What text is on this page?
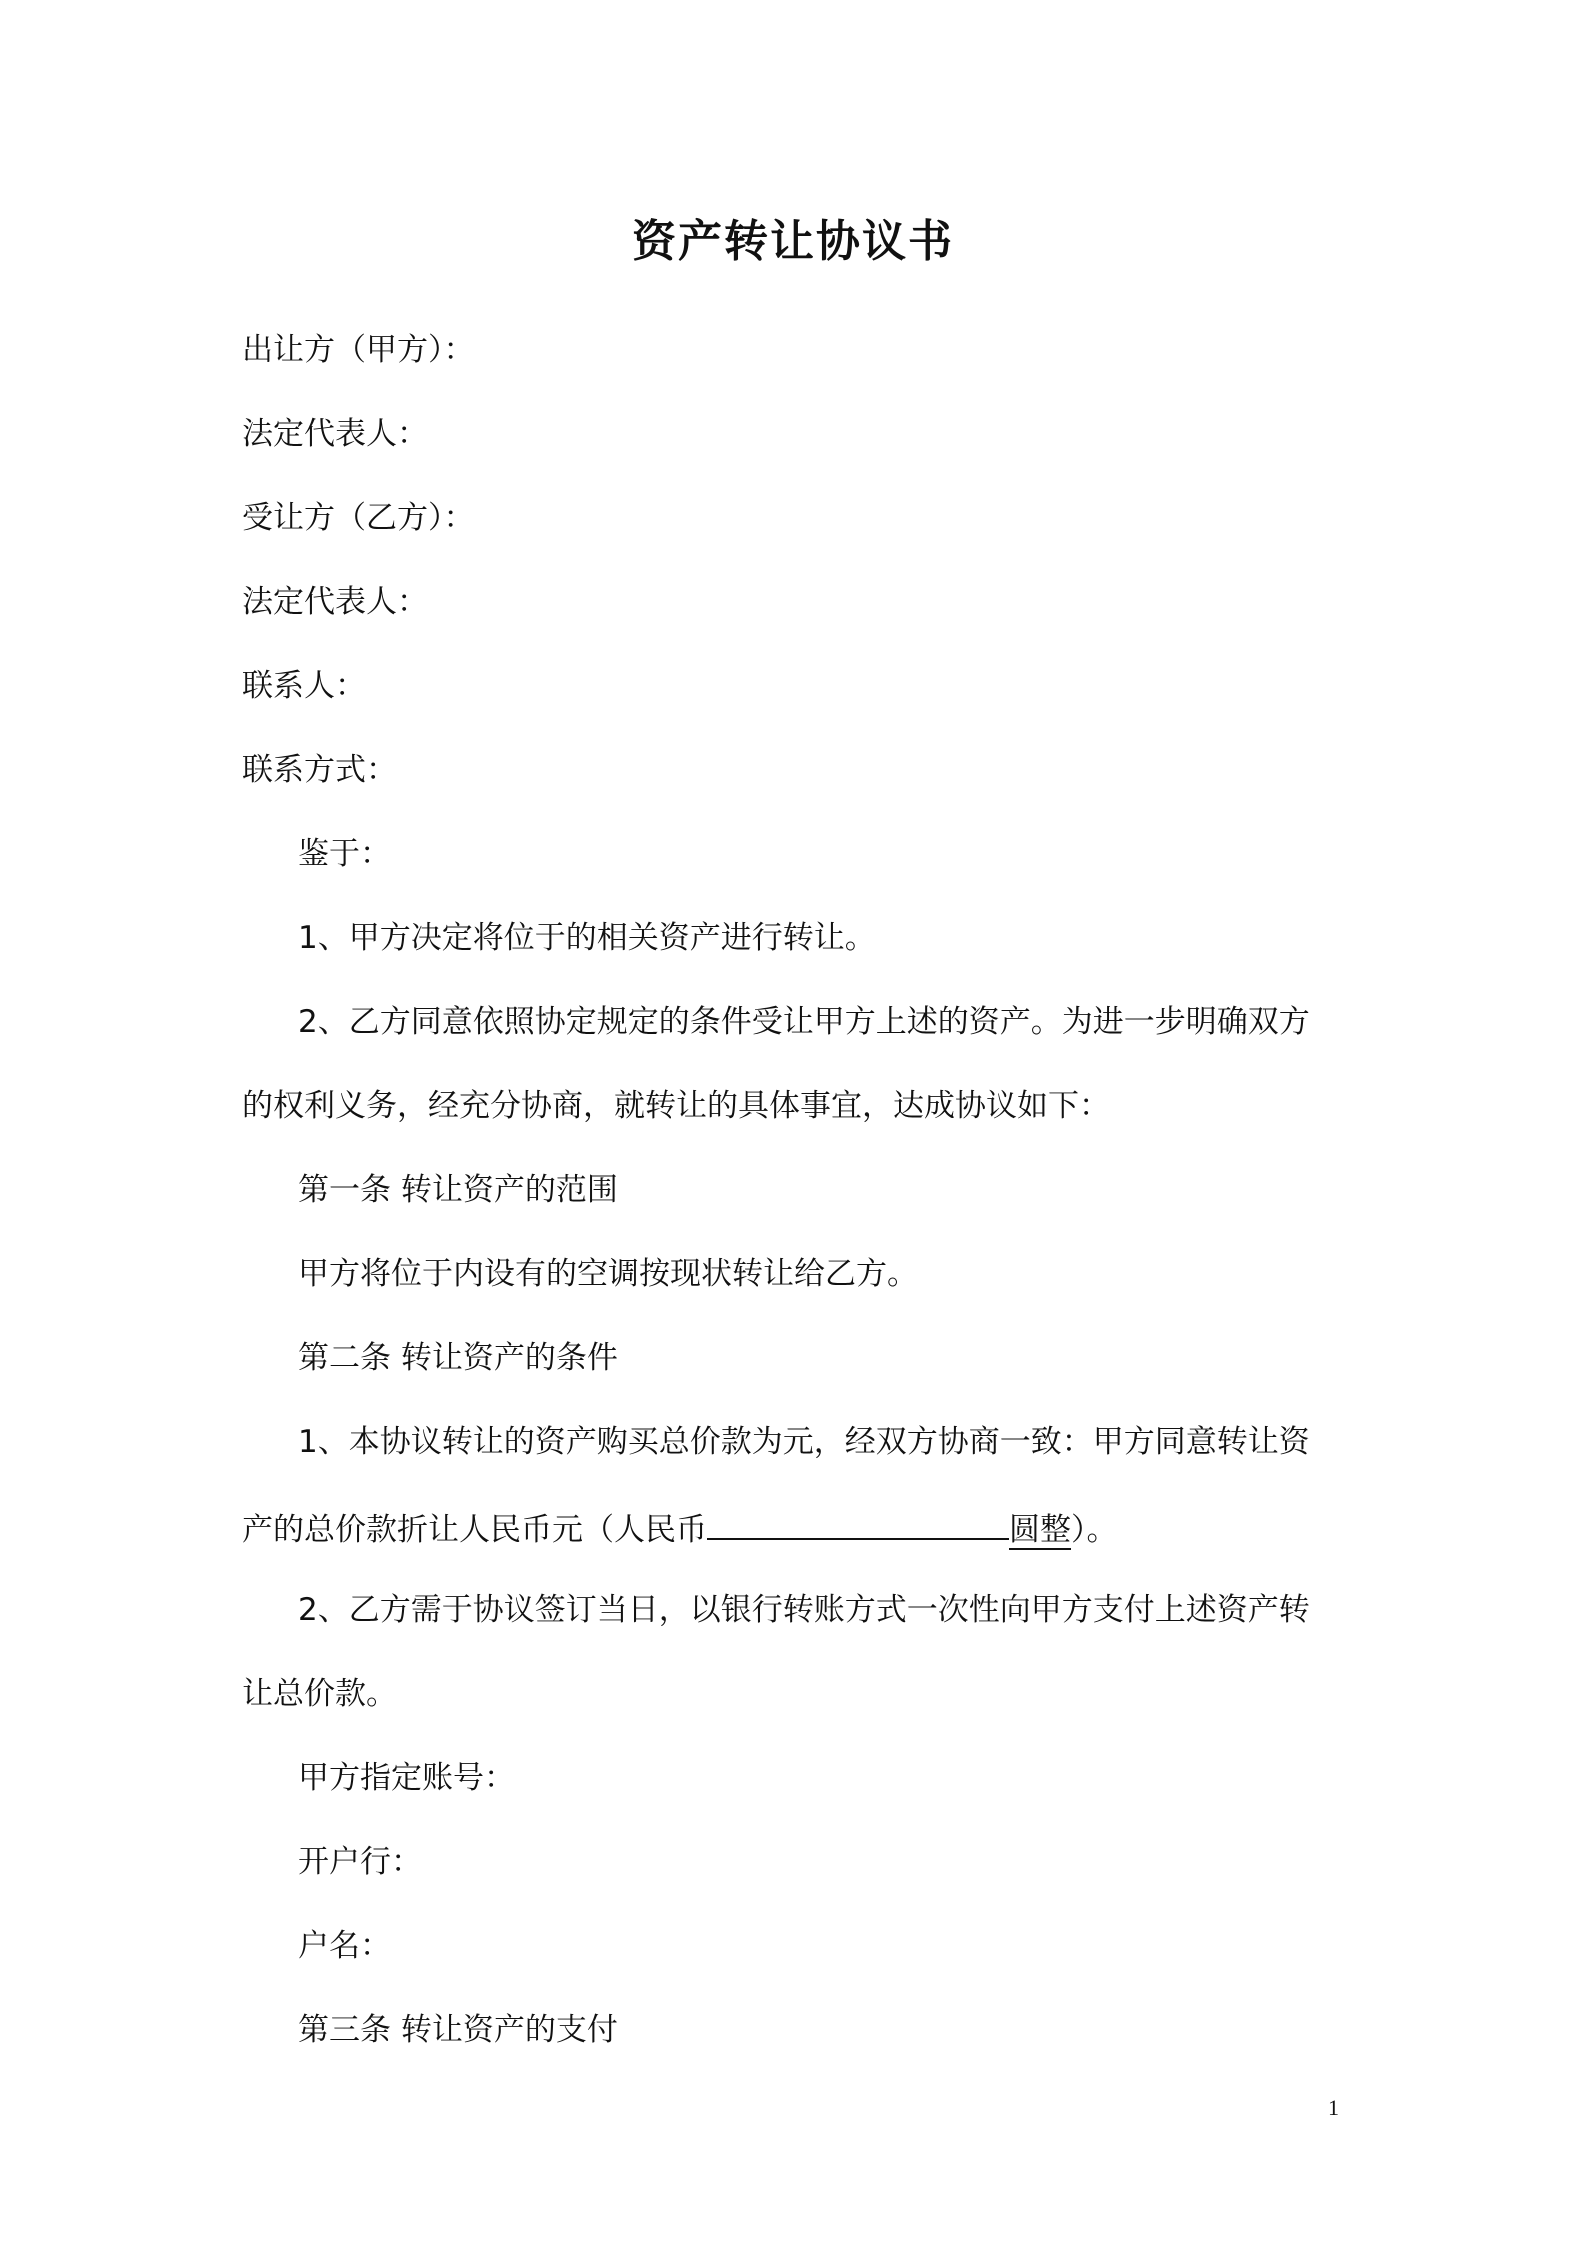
资产转让协议书
出让方（甲方）：
法定代表人：
受让方（乙方）：
法定代表人：
联系人：
联系方式：
鉴于：
1、甲方决定将位于的相关资产进行转让。
2、乙方同意依照协定规定的条件受让甲方上述的资产。为进一步明确双方
的权利义务，经充分协商，就转让的具体事宜，达成协议如下：
第一条 转让资产的范围
甲方将位于内设有的空调按现状转让给乙方。
第二条 转让资产的条件
1、本协议转让的资产购买总价款为元，经双方协商一致：甲方同意转让资
产的总价款折让人民币元（人民币	圆整）。
2、乙方需于协议签订当日，以银行转账方式一次性向甲方支付上述资产转
让总价款。
甲方指定账号：
开户行：
户名：
第三条 转让资产的支付
1
